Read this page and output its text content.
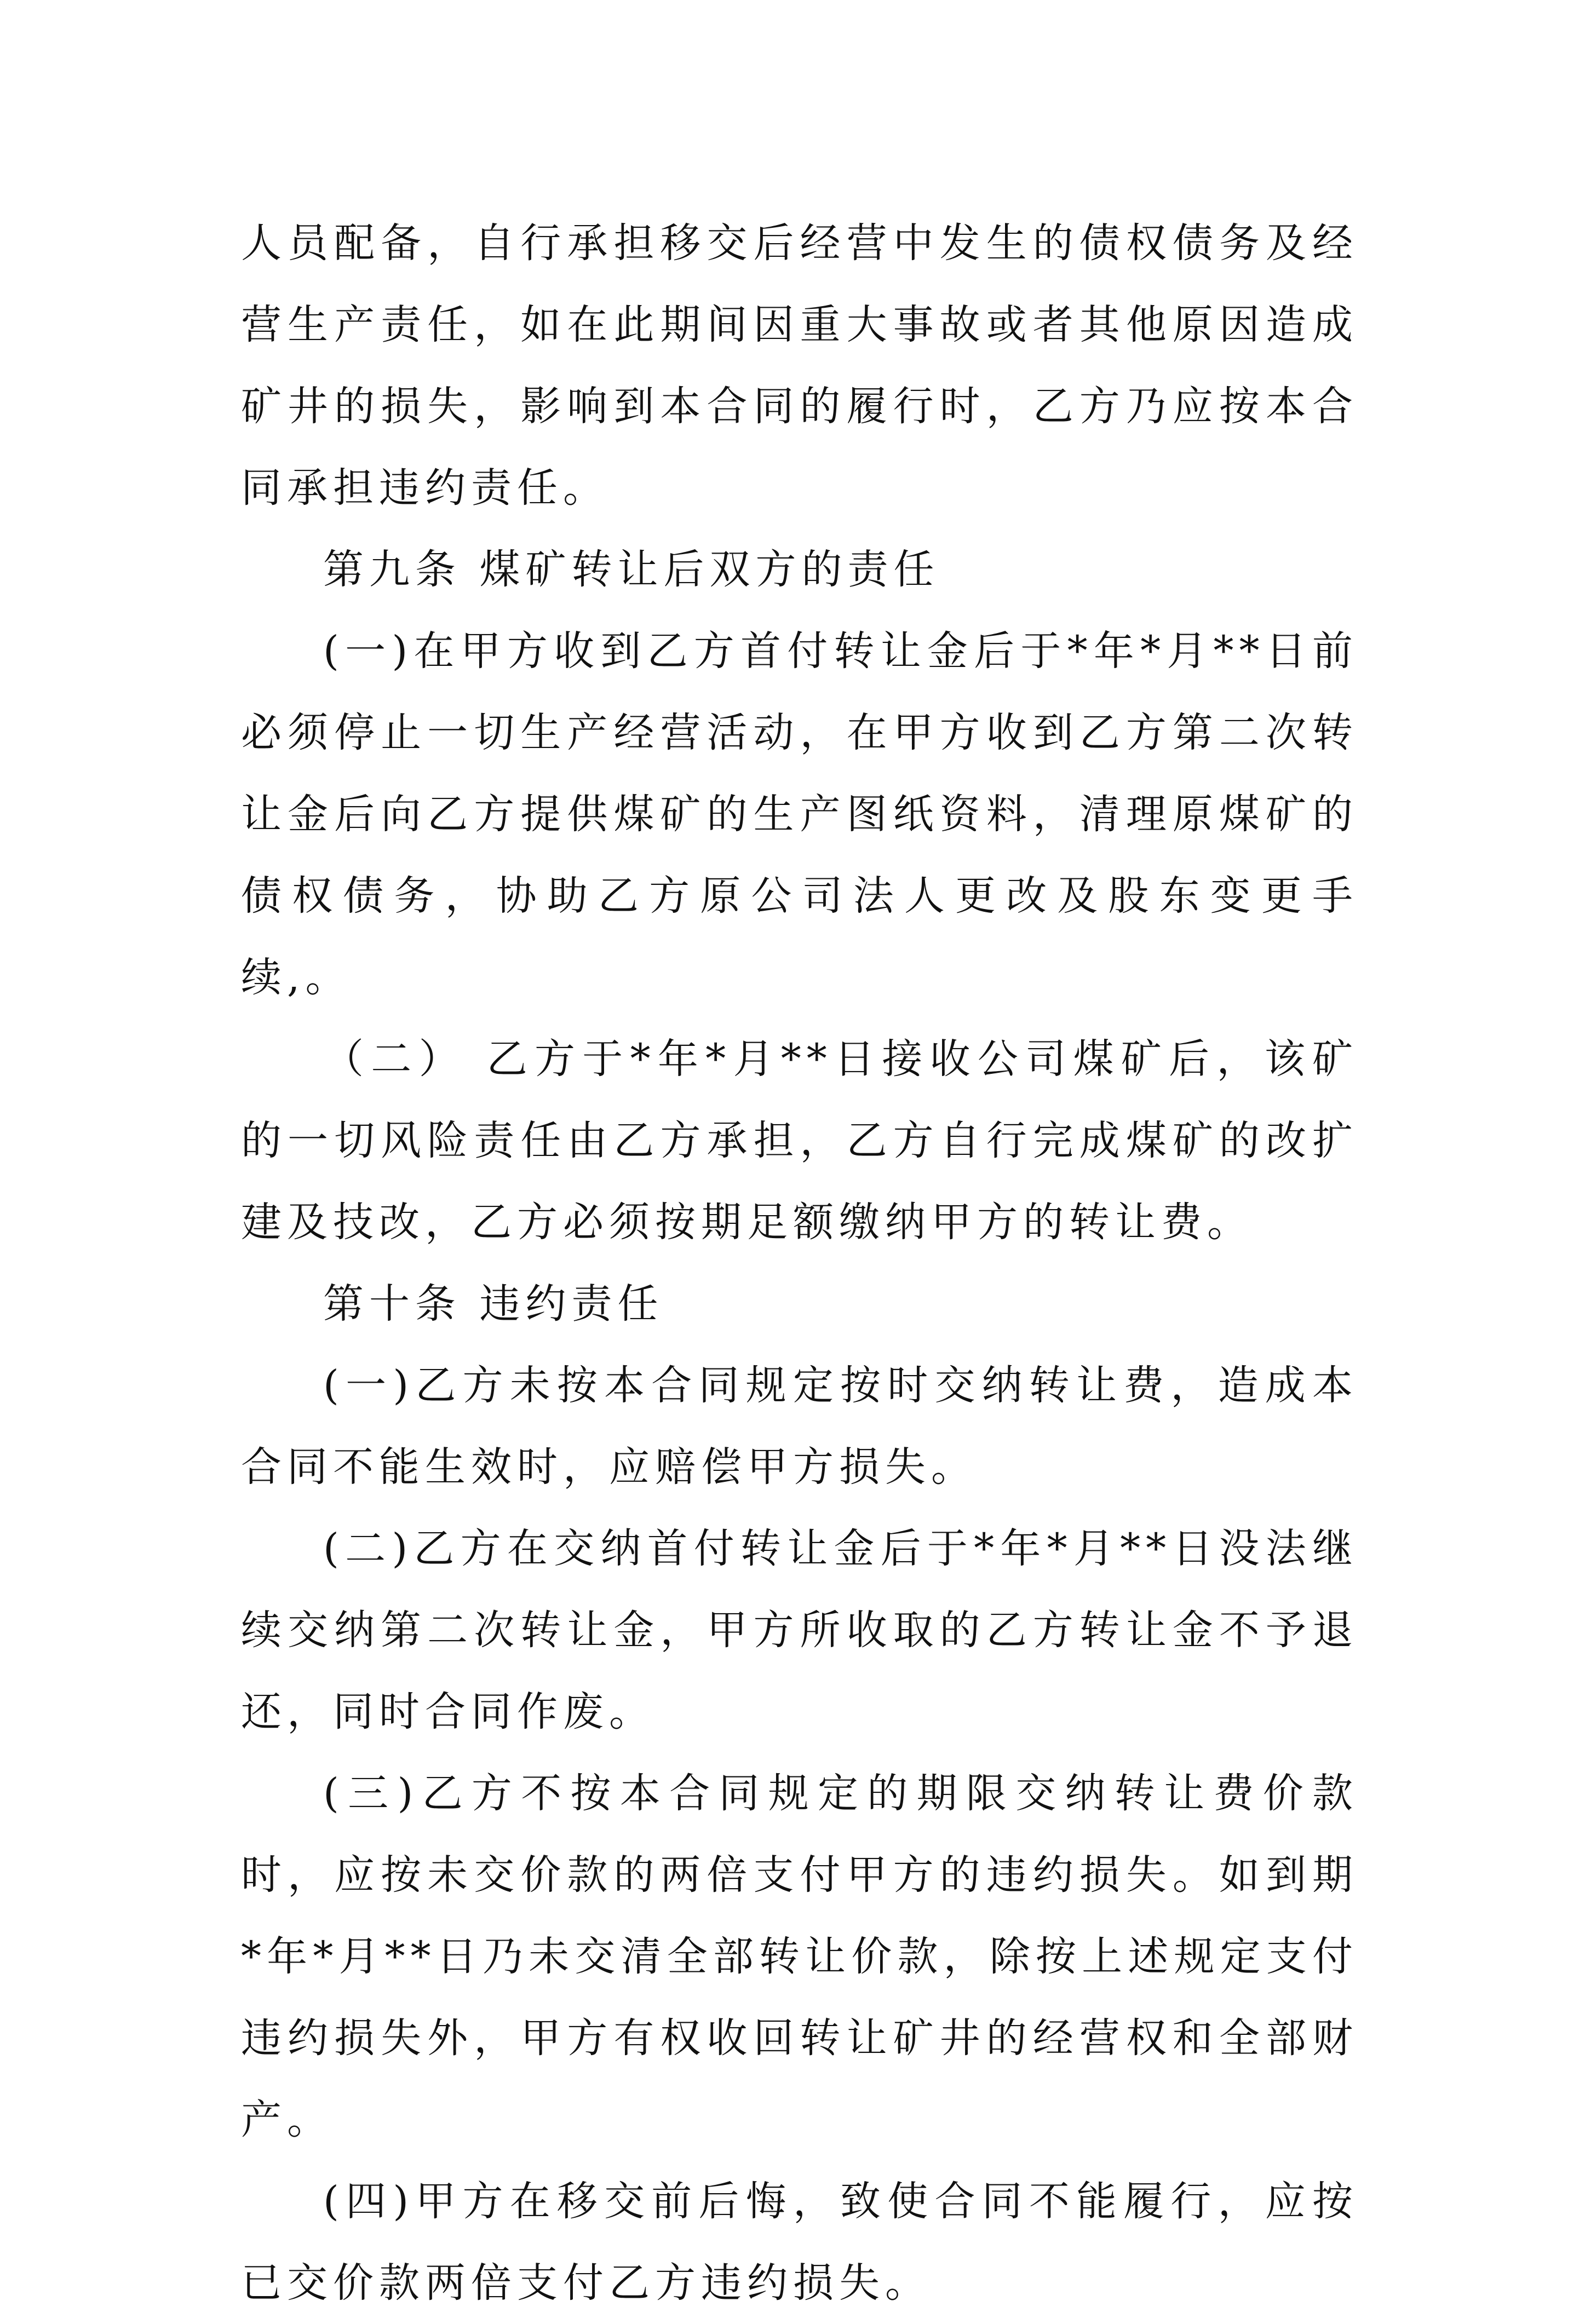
人员配备，自行承担移交后经营中发生的债权债务及经营生产责任，如在此期间因重大事故或者其他原因造成矿井的损失，影响到本合同的履行时，乙方乃应按本合同承担违约责任。

第九条 煤矿转让后双方的责任

(一)在甲方收到乙方首付转让金后于*年*月**日前必须停止一切生产经营活动，在甲方收到乙方第二次转让金后向乙方提供煤矿的生产图纸资料，清理原煤矿的债权债务，协助乙方原公司法人更改及股东变更手续,。

（二） 乙方于*年*月**日接收公司煤矿后，该矿的一切风险责任由乙方承担，乙方自行完成煤矿的改扩建及技改，乙方必须按期足额缴纳甲方的转让费。

第十条 违约责任

(一)乙方未按本合同规定按时交纳转让费，造成本合同不能生效时，应赔偿甲方损失。

(二)乙方在交纳首付转让金后于*年*月**日没法继续交纳第二次转让金，甲方所收取的乙方转让金不予退还，同时合同作废。

(三)乙方不按本合同规定的期限交纳转让费价款时，应按未交价款的两倍支付甲方的违约损失。如到期*年*月**日乃未交清全部转让价款，除按上述规定支付违约损失外，甲方有权收回转让矿井的经营权和全部财产。

(四)甲方在移交前后悔，致使合同不能履行，应按已交价款两倍支付乙方违约损失。
